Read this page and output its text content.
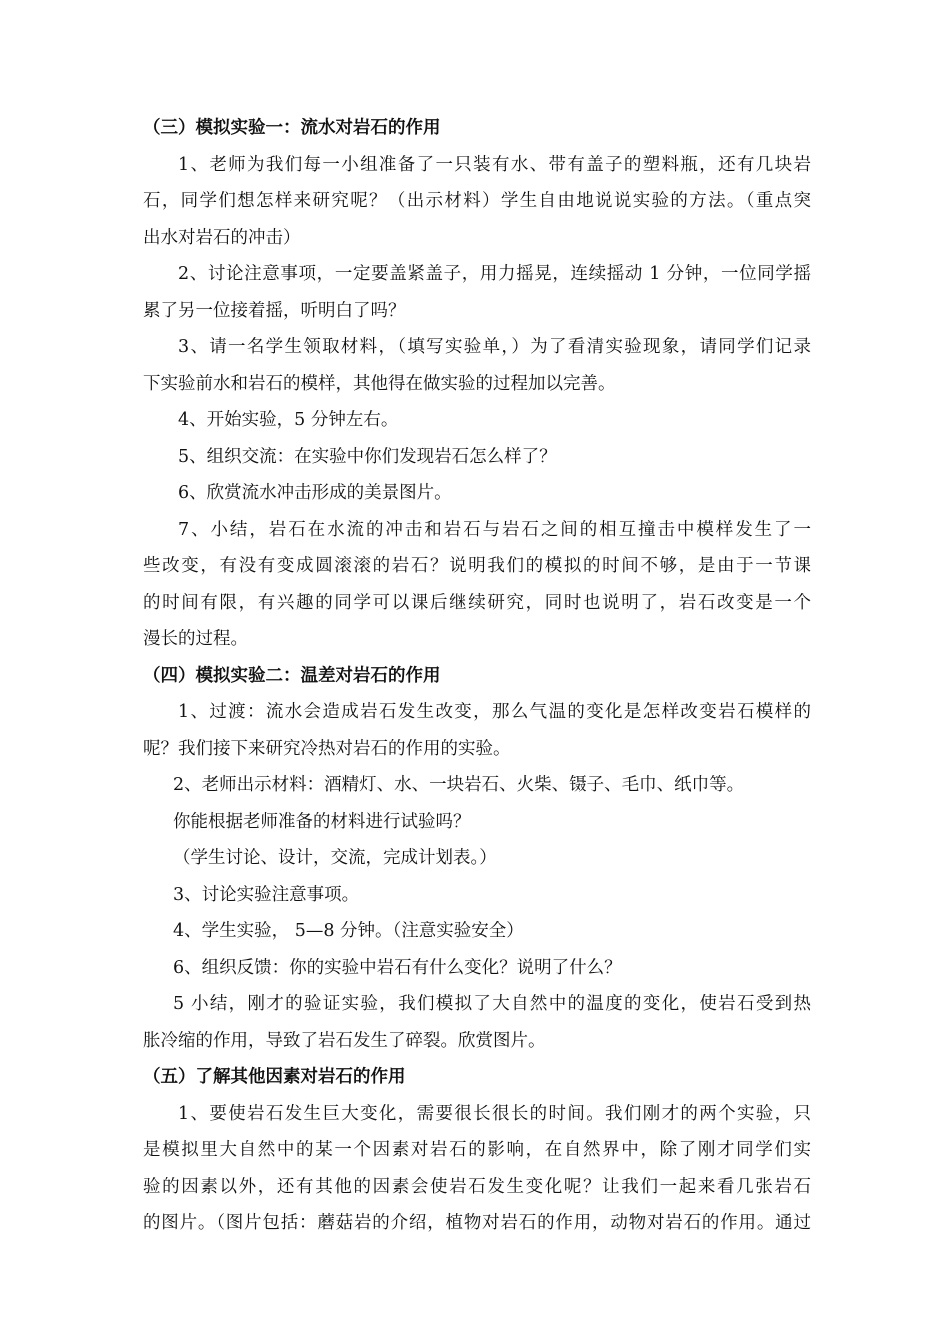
（三）模拟实验一：流水对岩石的作用
1、老师为我们每一小组准备了一只装有水、带有盖子的塑料瓶，还有几块岩
石，同学们想怎样来研究呢？（出示材料）学生自由地说说实验的方法。（重点突
出水对岩石的冲击）
2、讨论注意事项，一定要盖紧盖子，用力摇晃，连续摇动 1 分钟，一位同学摇
累了另一位接着摇，听明白了吗？
3、请一名学生领取材料，（填写实验单，）为了看清实验现象，请同学们记录
下实验前水和岩石的模样，其他得在做实验的过程加以完善。
4、开始实验，5 分钟左右。
5、组织交流：在实验中你们发现岩石怎么样了？
6、欣赏流水冲击形成的美景图片。
7、小结，岩石在水流的冲击和岩石与岩石之间的相互撞击中模样发生了一
些改变，有没有变成圆滚滚的岩石？说明我们的模拟的时间不够，是由于一节课
的时间有限，有兴趣的同学可以课后继续研究，同时也说明了，岩石改变是一个
漫长的过程。
（四）模拟实验二：温差对岩石的作用
1、过渡：流水会造成岩石发生改变，那么气温的变化是怎样改变岩石模样的
呢？我们接下来研究冷热对岩石的作用的实验。
2、老师出示材料：酒精灯、水、一块岩石、火柴、镊子、毛巾、纸巾等。
你能根据老师准备的材料进行试验吗？
（学生讨论、设计，交流，完成计划表。）
3、讨论实验注意事项。
4、学生实验， 5—8 分钟。（注意实验安全）
6、组织反馈：你的实验中岩石有什么变化？说明了什么？
5 小结，刚才的验证实验，我们模拟了大自然中的温度的变化，使岩石受到热
胀冷缩的作用，导致了岩石发生了碎裂。欣赏图片。
（五）了解其他因素对岩石的作用
1、要使岩石发生巨大变化，需要很长很长的时间。我们刚才的两个实验，只
是模拟里大自然中的某一个因素对岩石的影响，在自然界中，除了刚才同学们实
验的因素以外，还有其他的因素会使岩石发生变化呢？让我们一起来看几张岩石
的图片。（图片包括：蘑菇岩的介绍，植物对岩石的作用，动物对岩石的作用。通过
